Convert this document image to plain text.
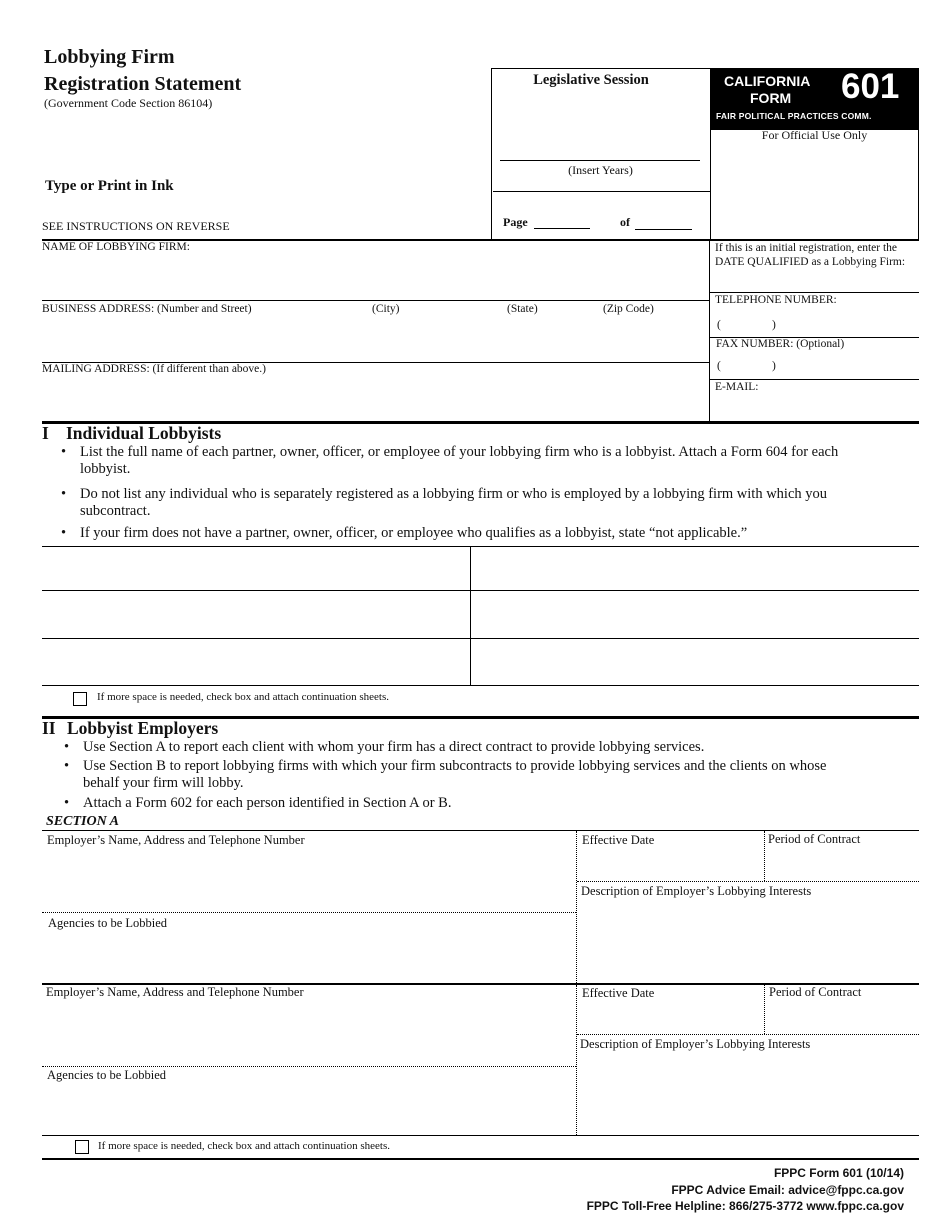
Lobbying Firm
Registration Statement
(Government Code Section 86104)
Type or Print in Ink
SEE INSTRUCTIONS ON REVERSE
Legislative Session
(Insert Years)
Page	of
CALIFORNIA
FORM 601
FAIR POLITICAL PRACTICES COMM.
For Official Use Only
NAME OF LOBBYING FIRM:
BUSINESS ADDRESS: (Number and Street)	(City)	(State)	(Zip Code)
MAILING ADDRESS: (If different than above.)
If this is an initial registration, enter the
DATE QUALIFIED as a Lobbying Firm:
TELEPHONE NUMBER:
(	)
FAX NUMBER: (Optional)
(	)
E-MAIL:
I Individual Lobbyists
• List the full name of each partner, owner, officer, or employee of your lobbying firm who is a lobbyist. Attach a Form 604 for each lobbyist.
• Do not list any individual who is separately registered as a lobbying firm or who is employed by a lobbying firm with which you subcontract.
• If your firm does not have a partner, owner, officer, or employee who qualifies as a lobbyist, state “not applicable.”
If more space is needed, check box and attach continuation sheets.
II Lobbyist Employers
• Use Section A to report each client with whom your firm has a direct contract to provide lobbying services.
• Use Section B to report lobbying firms with which your firm subcontracts to provide lobbying services and the clients on whose behalf your firm will lobby.
• Attach a Form 602 for each person identified in Section A or B.
SECTION A
Employer’s Name, Address and Telephone Number	Effective Date	Period of Contract
Description of Employer’s Lobbying Interests
Agencies to be Lobbied
Employer’s Name, Address and Telephone Number	Effective Date	Period of Contract
Description of Employer’s Lobbying Interests
Agencies to be Lobbied
If more space is needed, check box and attach continuation sheets.
FPPC Form 601 (10/14)
FPPC Advice Email: advice@fppc.ca.gov
FPPC Toll-Free Helpline: 866/275-3772 www.fppc.ca.gov
